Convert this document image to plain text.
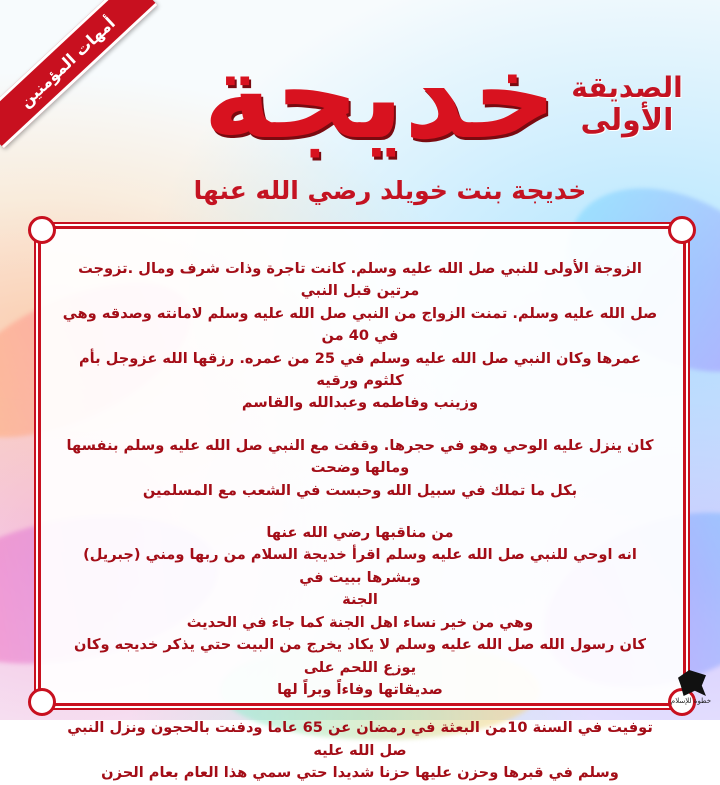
أمهات المؤمنين خديجة الصديقة
الأولى
خديجة بنت خويلد رضي الله عنها

الزوجة الأولى للنبي صل الله عليه وسلم. كانت تاجرة وذات شرف ومال .تزوجت مرتين قبل النبي

صل الله عليه وسلم. تمنت الزواج من النبي صل الله عليه وسلم لامانته وصدقه وهي في 40 من

عمرها وكان النبي صل الله عليه وسلم في 25 من عمره. رزقها الله عزوجل بأم كلثوم ورقيه

وزينب وفاطمه وعبدالله والقاسم

كان ينزل عليه الوحي وهو في حجرها. وقفت مع النبي صل الله عليه وسلم بنفسها ومالها وضحت

بكل ما تملك في سبيل الله وحبست في الشعب مع المسلمين

من مناقبها رضي الله عنها

انه اوحي للنبي صل الله عليه وسلم اقرأ خديجة السلام من ربها ومني (جبريل) وبشرها ببيت في

الجنة

وهي من خير نساء اهل الجنة كما جاء في الحديث

كان رسول الله صل الله عليه وسلم لا يكاد يخرج من البيت حتي يذكر خديجه وكان يوزع اللحم على

صديقاتها وفاءاً وبراً لها

توفيت في السنة 10من البعثة في رمضان عن 65 عاما ودفنت بالحجون ونزل النبي صل الله عليه

وسلم في قبرها وحزن عليها حزنا شديدا حتي سمي هذا العام بعام الحزن

خطوة للإسلام
